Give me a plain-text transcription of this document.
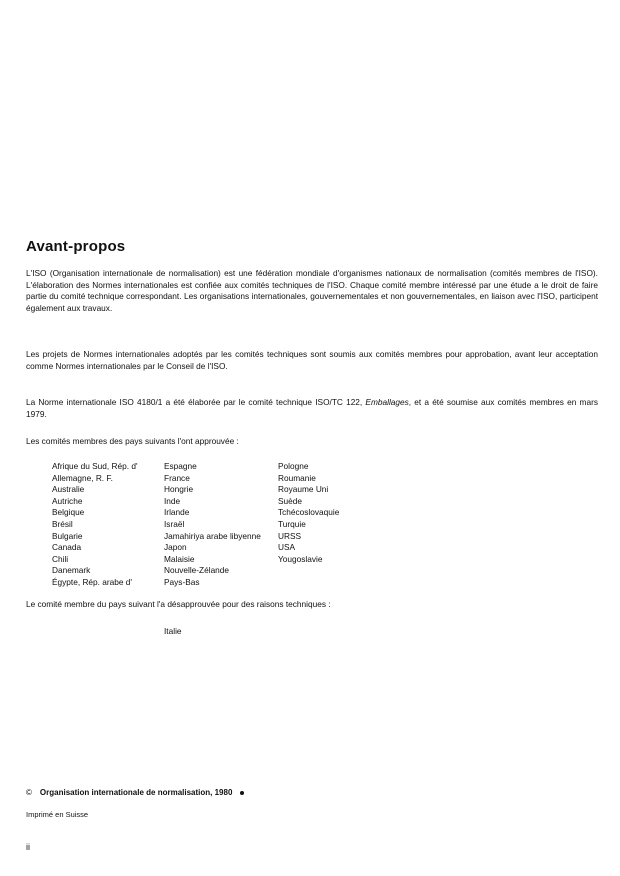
Avant-propos

L'ISO (Organisation internationale de normalisation) est une fédération mondiale d'organismes nationaux de normalisation (comités membres de l'ISO). L'élaboration des Normes internationales est confiée aux comités techniques de l'ISO. Chaque comité membre intéressé par une étude a le droit de faire partie du comité technique correspondant. Les organisations internationales, gouvernementales et non gouvernementales, en liaison avec l'ISO, participent également aux travaux.

Les projets de Normes internationales adoptés par les comités techniques sont soumis aux comités membres pour approbation, avant leur acceptation comme Normes internationales par le Conseil de l'ISO.

La Norme internationale ISO 4180/1 a été élaborée par le comité technique ISO/TC 122, Emballages, et a été soumise aux comités membres en mars 1979.

Les comités membres des pays suivants l'ont approuvée :

Afrique du Sud, Rép. d'
Allemagne, R. F.
Australie
Autriche
Belgique
Brésil
Bulgarie
Canada
Chili
Danemark
Égypte, Rép. arabe d'
Espagne
France
Hongrie
Inde
Irlande
Israël
Jamahiriya arabe libyenne
Japon
Malaisie
Nouvelle-Zélande
Pays-Bas
Pologne
Roumanie
Royaume Uni
Suède
Tchécoslovaquie
Turquie
URSS
USA
Yougoslavie

Le comité membre du pays suivant l'a désapprouvée pour des raisons techniques :

Italie
© Organisation internationale de normalisation, 1980
Imprimé en Suisse
ii
